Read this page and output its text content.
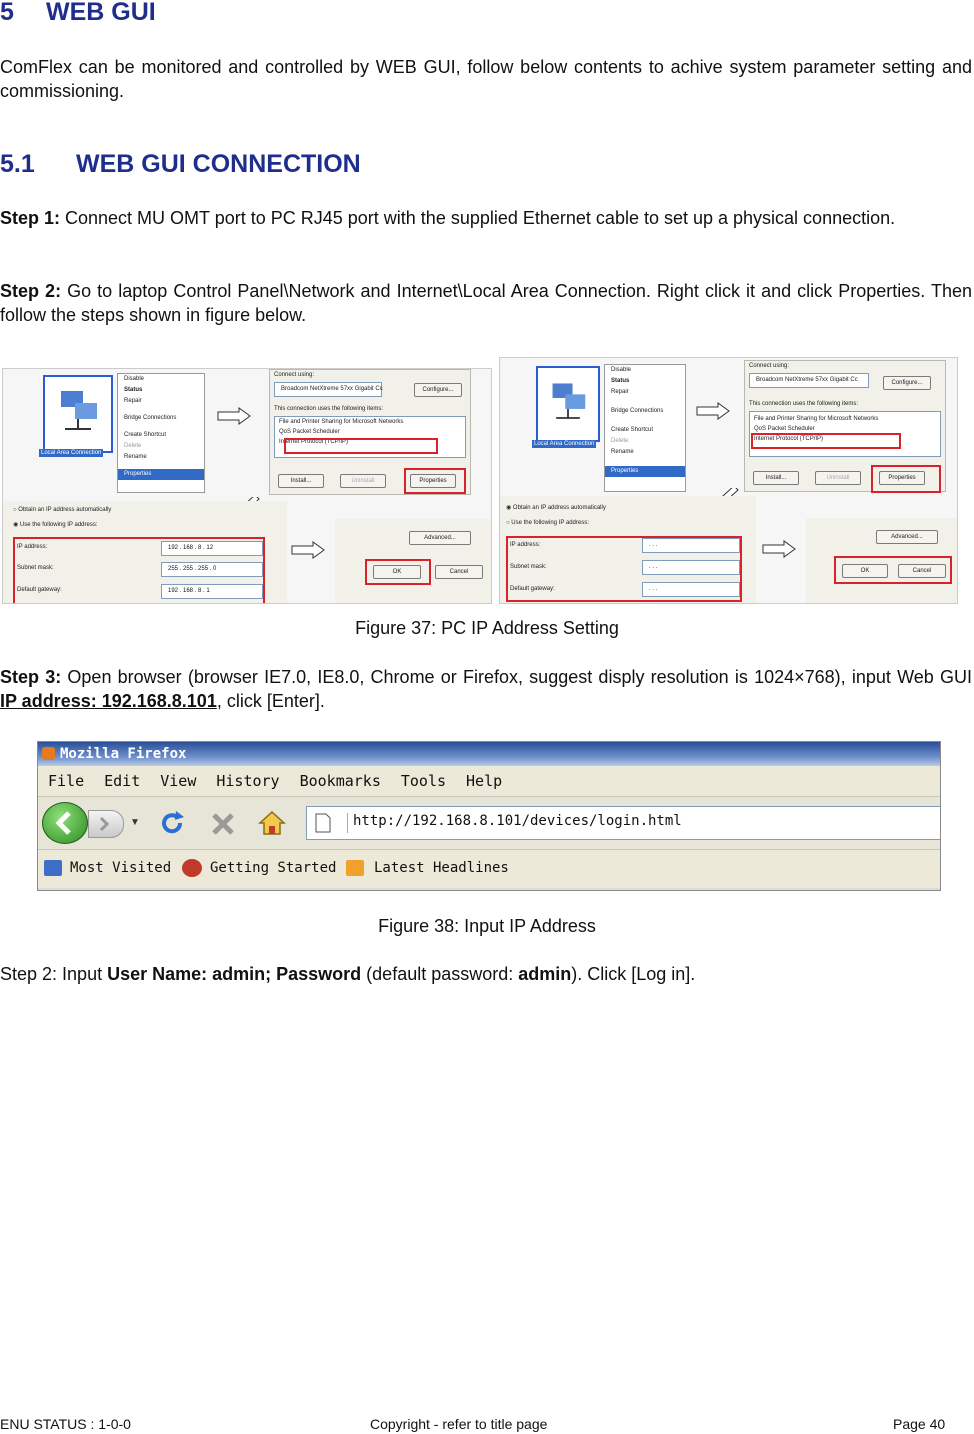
5 WEB GUI
ComFlex can be monitored and controlled by WEB GUI, follow below contents to achive system parameter setting and commissioning.
5.1 WEB GUI CONNECTION
Step 1: Connect MU OMT port to PC RJ45 port with the supplied Ethernet cable to set up a physical connection.
Step 2: Go to laptop Control Panel\Network and Internet\Local Area Connection. Right click it and click Properties. Then follow the steps shown in figure below.
Local Area Connection
Disable
Status
Repair
Bridge Connections
Create Shortcut
Delete
Rename
Properties
Connect using:
Broadcom NetXtreme 57xx Gigabit Cc	Configure...
This connection uses the following items:
File and Printer Sharing for Microsoft Networks
QoS Packet Scheduler
Internet Protocol (TCP/IP)
Install...	Uninstall	Properties
○ Obtain an IP address automatically
◉ Use the following IP address:
IP address:	192 . 168 . 8 . 12
Subnet mask:	255 . 255 . 255 . 0
Default gateway:	192 . 168 . 8 . 1
Advanced...
OK	Cancel
Local Area Connection
Disable
Status
Repair
Bridge Connections
Create Shortcut
Delete
Rename
Properties
Connect using:
Broadcom NetXtreme 57xx Gigabit Cc	Configure...
This connection uses the following items:
File and Printer Sharing for Microsoft Networks
QoS Packet Scheduler
Internet Protocol (TCP/IP)
Install...	Uninstall	Properties
◉ Obtain an IP address automatically
○ Use the following IP address:
IP address:	. . .
Subnet mask:	. . .
Default gateway:	. . .
Advanced...
OK	Cancel
Figure 37: PC IP Address Setting
Step 3: Open browser (browser IE7.0, IE8.0, Chrome or Firefox, suggest disply resolution is 1024×768), input Web GUI IP address: 192.168.8.101, click [Enter].
Mozilla Firefox
File Edit View History Bookmarks Tools Help
▼	http://192.168.8.101/devices/login.html
Most Visited	Getting Started	Latest Headlines
Figure 38: Input IP Address
Step 2: Input User Name: admin; Password (default password: admin). Click [Log in].
ENU STATUS : 1-0-0	Copyright - refer to title page	Page 40
